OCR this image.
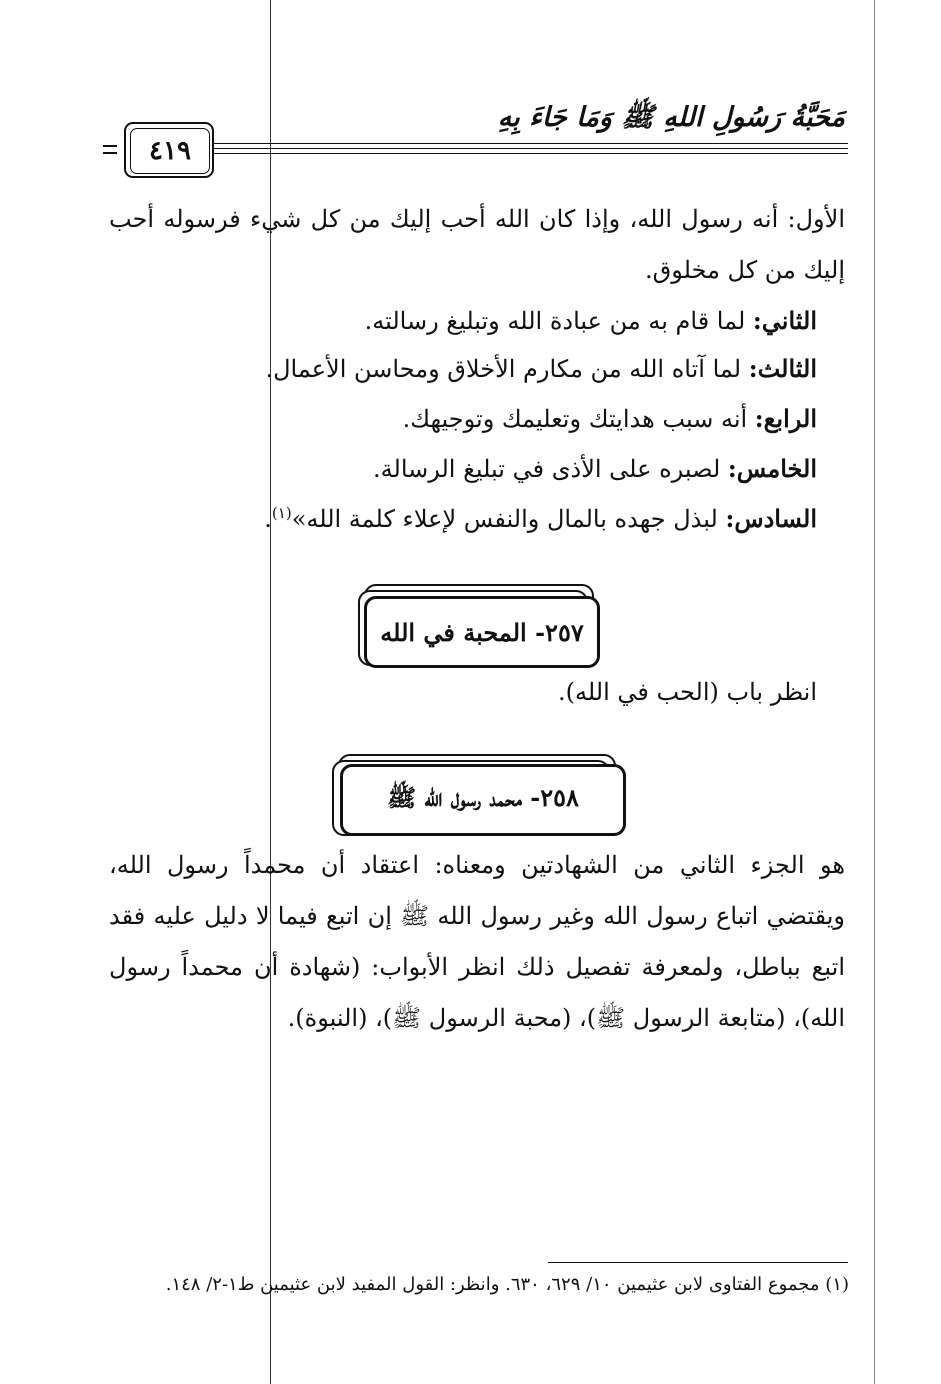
مَحَبَّةُ رَسُولِ اللهِ ﷺ وَمَا جَاءَ بِهِ
٤١٩
الأول: أنه رسول الله، وإذا كان الله أحب إليك من كل شيء فرسوله أحب إليك من كل مخلوق.
الثاني: لما قام به من عبادة الله وتبليغ رسالته.
الثالث: لما آتاه الله من مكارم الأخلاق ومحاسن الأعمال.
الرابع: أنه سبب هدايتك وتعليمك وتوجيهك.
الخامس: لصبره على الأذى في تبليغ الرسالة.
السادس: لبذل جهده بالمال والنفس لإعلاء كلمة الله»$^{(١)}$.
٢٥٧- المحبة في الله
انظر باب (الحب في الله).
٢٥٨- محمد رسول الله ﷺ
هو الجزء الثاني من الشهادتين ومعناه: اعتقاد أن محمداً رسول الله، ويقتضي اتباع رسول الله وغير رسول الله ﷺ إن اتبع فيما لا دليل عليه فقد اتبع بباطل، ولمعرفة تفصيل ذلك انظر الأبواب: (شهادة أن محمداً رسول الله)، (متابعة الرسول ﷺ)، (محبة الرسول ﷺ)، (النبوة).
(١) مجموع الفتاوى لابن عثيمين ١٠/ ٦٢٩، ٦٣٠. وانظر: القول المفيد لابن عثيمين ط١-٢/ ١٤٨.
